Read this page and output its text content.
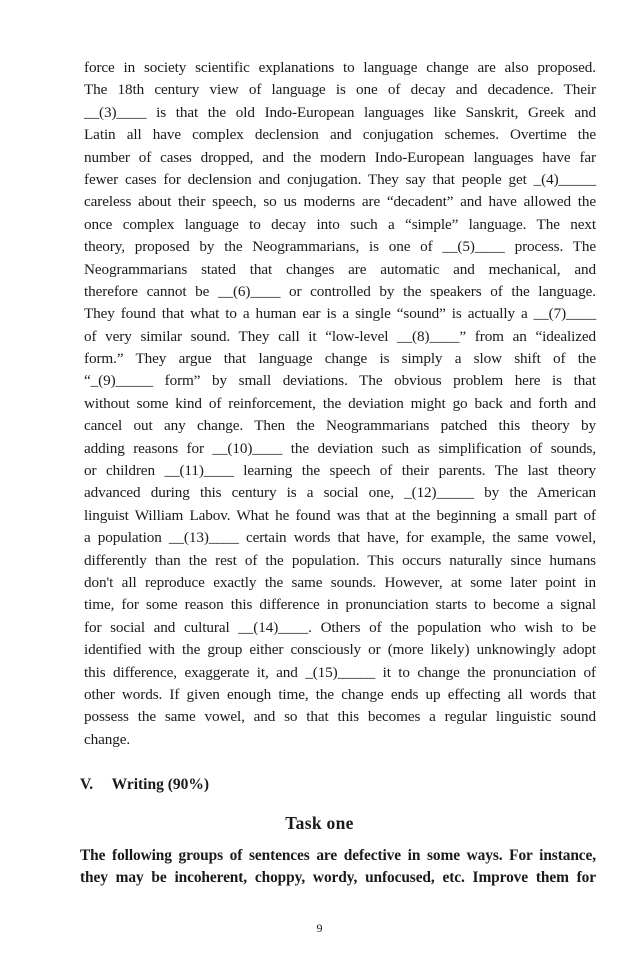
force in society scientific explanations to language change are also proposed.
The 18th century view of language is one of decay and decadence. Their
__(3)____ is that the old Indo-European languages like Sanskrit, Greek and
Latin all have complex declension and conjugation schemes. Overtime the
number of cases dropped, and the modern Indo-European languages have far
fewer cases for declension and conjugation. They say that people get _(4)_____
careless about their speech, so us moderns are “decadent” and have allowed the
once complex language to decay into such a “simple” language. The next
theory, proposed by the Neogrammarians, is one of __(5)____ process. The
Neogrammarians stated that changes are automatic and mechanical, and
therefore cannot be __(6)____ or controlled by the speakers of the language.
They found that what to a human ear is a single “sound” is actually a __(7)____
of very similar sound. They call it “low-level __(8)____” from an “idealized
form.” They argue that language change is simply a slow shift of the
“_(9)_____ form” by small deviations. The obvious problem here is that
without some kind of reinforcement, the deviation might go back and forth and
cancel out any change. Then the Neogrammarians patched this theory by
adding reasons for __(10)____ the deviation such as simplification of sounds,
or children __(11)____ learning the speech of their parents. The last theory
advanced during this century is a social one, _(12)_____ by the American
linguist William Labov. What he found was that at the beginning a small part of
a population __(13)____ certain words that have, for example, the same vowel,
differently than the rest of the population. This occurs naturally since humans
don't all reproduce exactly the same sounds. However, at some later point in
time, for some reason this difference in pronunciation starts to become a signal
for social and cultural __(14)____. Others of the population who wish to be
identified with the group either consciously or (more likely) unknowingly adopt
this difference, exaggerate it, and _(15)_____ it to change the pronunciation of
other words. If given enough time, the change ends up effecting all words that
possess the same vowel, and so that this becomes a regular linguistic sound
change.
V. Writing (90%)
Task one
The following groups of sentences are defective in some ways. For instance,
they may be incoherent, choppy, wordy, unfocused, etc. Improve them for
9
